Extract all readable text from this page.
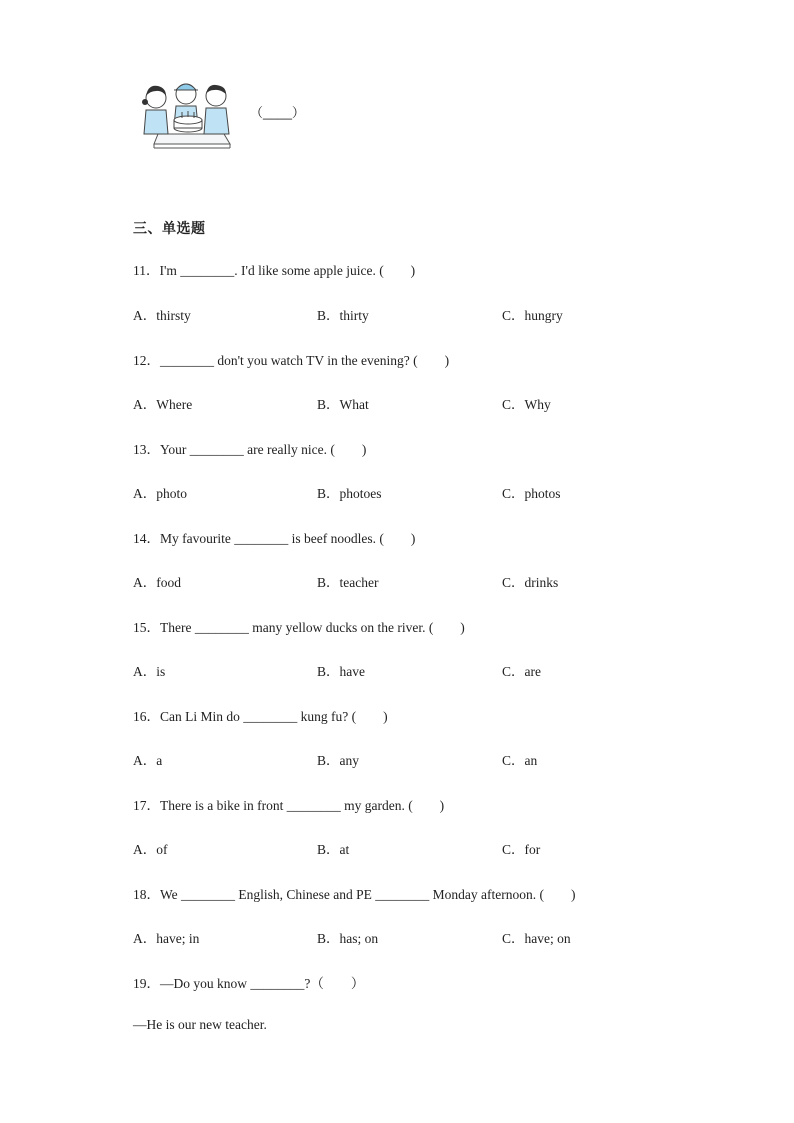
（____）
三、单选题
11．I'm ________. I'd like some apple juice. (　　)
A．thirsty	B．thirty	C．hungry
12．________ don't you watch TV in the evening? (　　)
A．Where	B．What	C．Why
13．Your ________ are really nice. (　　)
A．photo	B．photoes	C．photos
14．My favourite ________ is beef noodles. (　　)
A．food	B．teacher	C．drinks
15．There ________ many yellow ducks on the river. (　　)
A．is	B．have	C．are
16．Can Li Min do ________ kung fu? (　　)
A．a	B．any	C．an
17．There is a bike in front ________ my garden. (　　)
A．of	B．at	C．for
18．We ________ English, Chinese and PE ________ Monday afternoon. (　　)
A．have; in	B．has; on	C．have; on
19．—Do you know ________?（　　）
—He is our new teacher.
